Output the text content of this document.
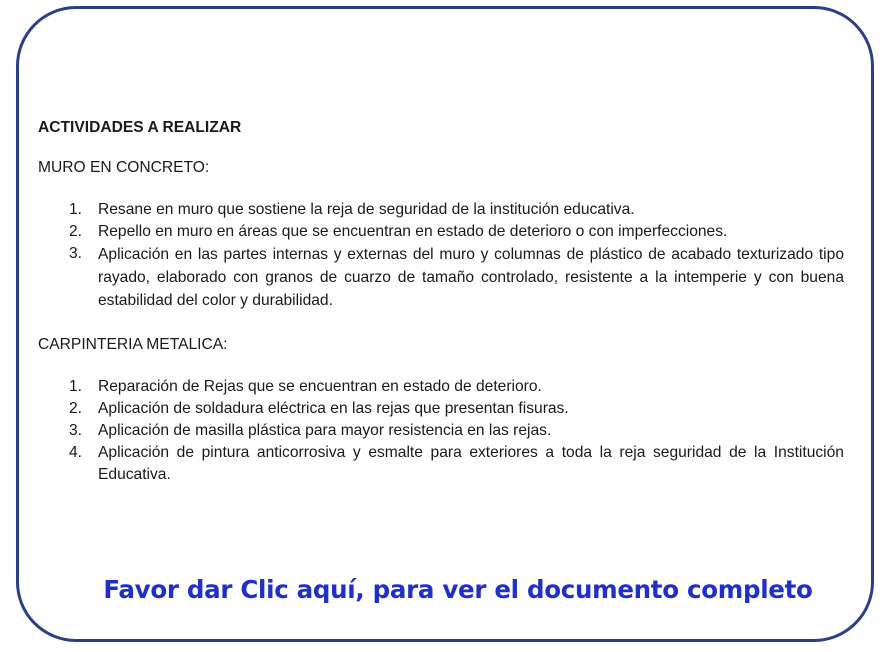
ACTIVIDADES A REALIZAR

MURO EN CONCRETO:

1.	Resane en muro que sostiene la reja de seguridad de la institución educativa.
2.	Repello en muro en áreas que se encuentran en estado de deterioro o con imperfecciones.
3.	Aplicación en las partes internas y externas del muro y columnas de plástico de acabado texturizado tipo rayado, elaborado con granos de cuarzo de tamaño controlado, resistente a la intemperie y con buena estabilidad del color y durabilidad.

CARPINTERIA METALICA:

1.	Reparación de Rejas que se encuentran en estado de deterioro.
2.	Aplicación de soldadura eléctrica en las rejas que presentan fisuras.
3.	Aplicación de masilla plástica para mayor resistencia en las rejas.
4.	Aplicación de pintura anticorrosiva y esmalte para exteriores a toda la reja seguridad de la Institución Educativa.
Favor dar Clic aquí, para ver el documento completo
